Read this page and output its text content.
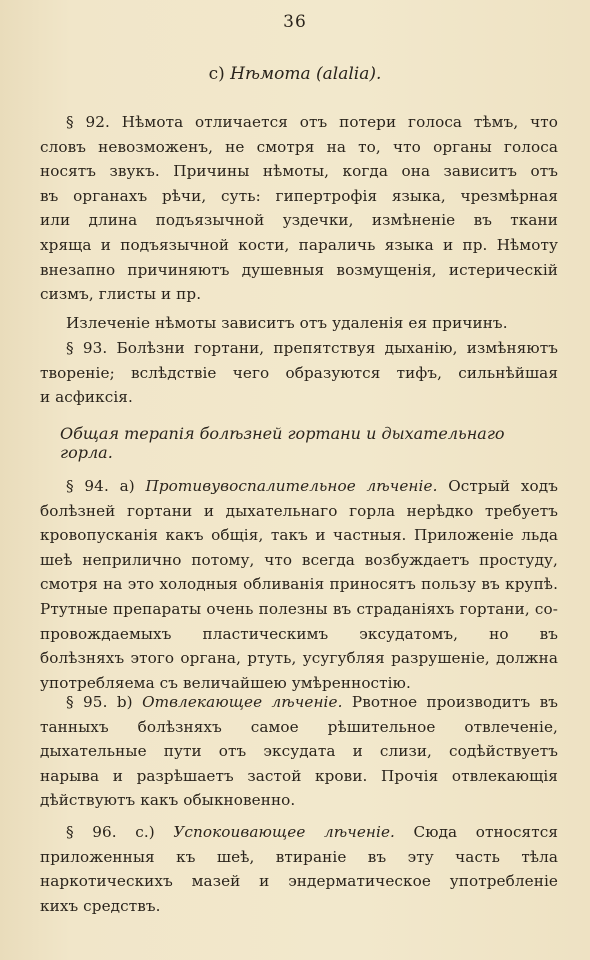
36
c) Нѣмота (alalia).
§ 92. Нѣмота отличается отъ потери голоса тѣмъ, что
словъ невозможенъ, не смотря на то, что органы голоса
носятъ звукъ. Причины нѣмоты, когда она зависитъ отъ
въ органахъ рѣчи, суть: гипертрофія языка, чрезмѣрная
или длина подъязычной уздечки, измѣненіе въ ткани
хряща и подъязычной кости, параличь языка и пр. Нѣмоту
внезапно причиняютъ душевныя возмущенія, истерическій
сизмъ, глисты и пр.
Излеченіе нѣмоты зависитъ отъ удаленія ея причинъ.
§ 93. Болѣзни гортани, препятствуя дыханію, измѣняютъ
твореніе; вслѣдствіе чего образуются тифъ, сильнѣйшая
и асфиксія.
Общая терапія болѣзней гортани и дыхательнаго горла.
§ 94. a) Противувоспалительное лѣченіе. Острый ходъ
болѣзней гортани и дыхательнаго горла нерѣдко требуетъ
кровопусканія какъ общія, такъ и частныя. Приложеніе льда
шеѣ неприлично потому, что всегда возбуждаетъ простуду,
смотря на это холодныя обливанія приносятъ пользу въ крупѣ.
Ртутные препараты очень полезны въ страданіяхъ гортани, со-
провождаемыхъ пластическимъ эксудатомъ, но въ
болѣзняхъ этого органа, ртуть, усугубляя разрушеніе, должна
употребляема съ величайшею умѣренностію.
§ 95. b) Отвлекающее лѣченіе. Рвотное производитъ въ
танныхъ болѣзняхъ самое рѣшительное отвлеченіе,
дыхательные пути отъ эксудата и слизи, содѣйствуетъ
нарыва и разрѣшаетъ застой крови. Прочія отвлекающія
дѣйствуютъ какъ обыкновенно.
§ 96. c.) Успокоивающее лѣченіе. Сюда относятся
приложенныя къ шеѣ, втираніе въ эту часть тѣла
наркотическихъ мазей и эндерматическое употребленіе
кихъ средствъ.
